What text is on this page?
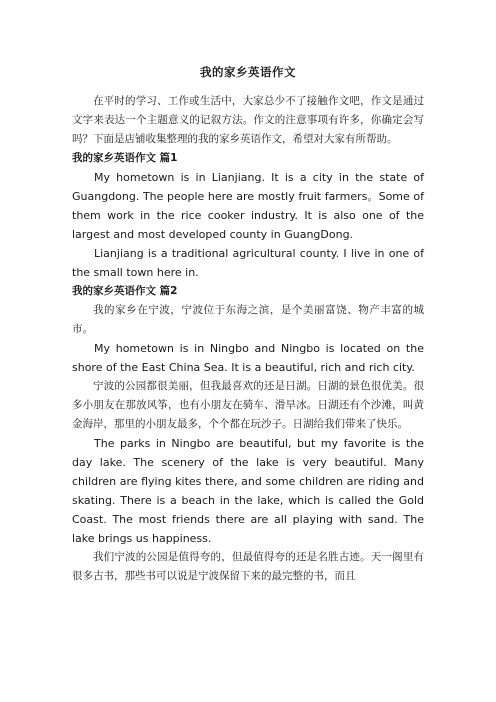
我的家乡英语作文

在平时的学习、工作或生活中，大家总少不了接触作文吧，作文是通过文字来表达一个主题意义的记叙方法。作文的注意事项有许多，你确定会写吗？下面是店铺收集整理的我的家乡英语作文，希望对大家有所帮助。

我的家乡英语作文 篇1

My hometown is in Lianjiang. It is a city in the state of Guangdong. The people here are mostly fruit farmers。Some of them work in the rice cooker industry. It is also one of the largest and most developed county in GuangDong.

Lianjiang is a traditional agricultural county. I live in one of the small town here in.

我的家乡英语作文 篇2

我的家乡在宁波，宁波位于东海之滨，是个美丽富饶、物产丰富的城市。

My hometown is in Ningbo and Ningbo is located on the shore of the East China Sea. It is a beautiful, rich and rich city.

宁波的公园都很美丽，但我最喜欢的还是日湖。日湖的景色很优美。很多小朋友在那放风筝，也有小朋友在骑车、滑旱冰。日湖还有个沙滩，叫黄金海岸，那里的小朋友最多，个个都在玩沙子。日湖给我们带来了快乐。

The parks in Ningbo are beautiful, but my favorite is the day lake. The scenery of the lake is very beautiful. Many children are flying kites there, and some children are riding and skating. There is a beach in the lake, which is called the Gold Coast. The most friends there are all playing with sand. The lake brings us happiness.

我们宁波的公园是值得夸的，但最值得夸的还是名胜古迹。天一阁里有很多古书，那些书可以说是宁波保留下来的最完整的书，而且
